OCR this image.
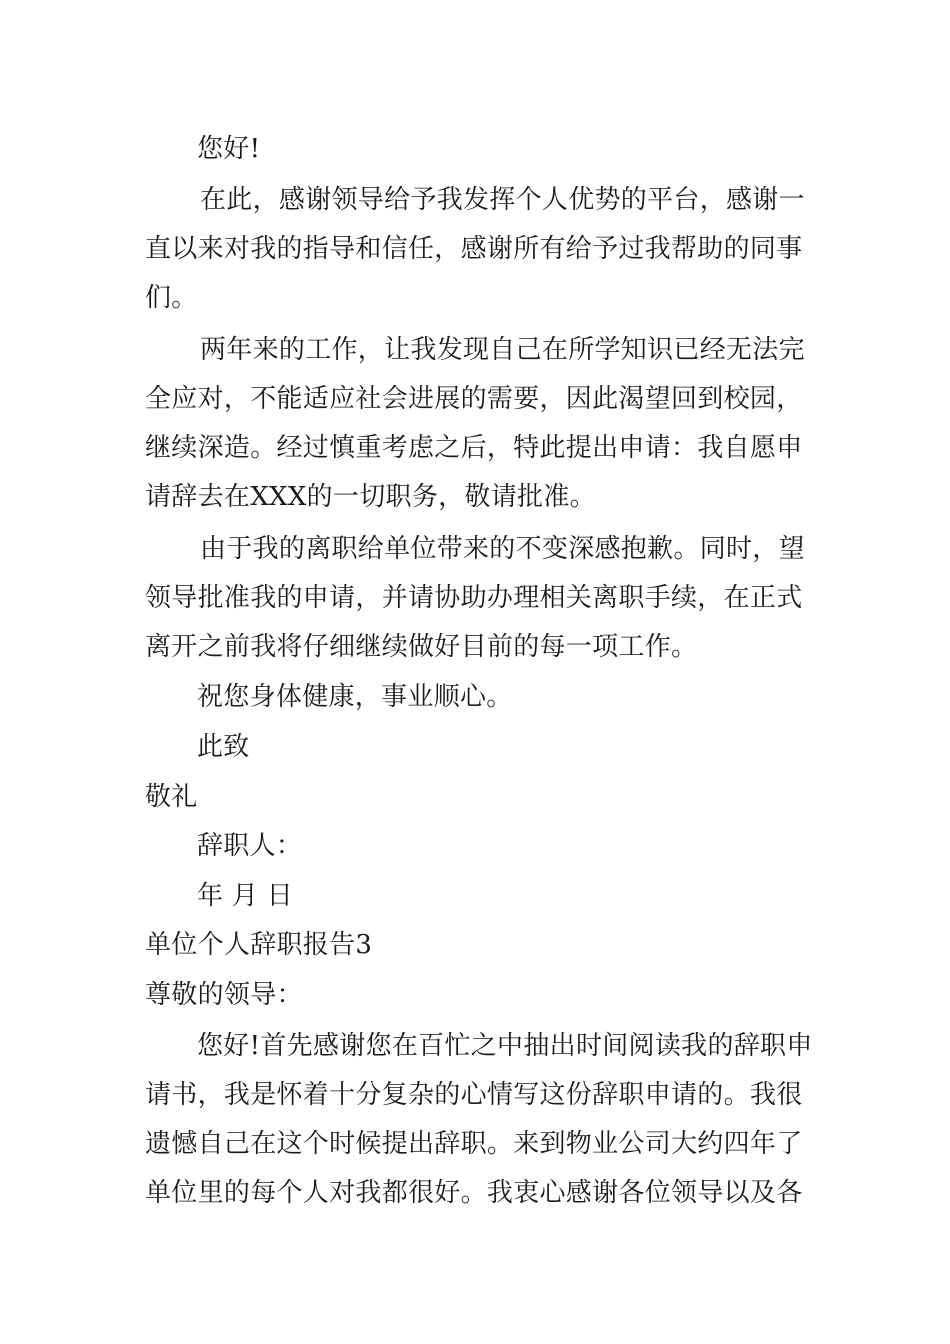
您好!
在此，感谢领导给予我发挥个人优势的平台，感谢一
直以来对我的指导和信任，感谢所有给予过我帮助的同事
们。
两年来的工作，让我发现自己在所学知识已经无法完
全应对，不能适应社会进展的需要，因此渴望回到校园，
继续深造。经过慎重考虑之后，特此提出申请：我自愿申
请辞去在XXX的一切职务，敬请批准。
由于我的离职给单位带来的不变深感抱歉。同时，望
领导批准我的申请，并请协助办理相关离职手续，在正式
离开之前我将仔细继续做好目前的每一项工作。
祝您身体健康，事业顺心。
此致
敬礼
辞职人：
年 月 日
单位个人辞职报告3
尊敬的领导：
您好!首先感谢您在百忙之中抽出时间阅读我的辞职申
请书，我是怀着十分复杂的心情写这份辞职申请的。我很
遗憾自己在这个时候提出辞职。来到物业公司大约四年了
单位里的每个人对我都很好。我衷心感谢各位领导以及各
